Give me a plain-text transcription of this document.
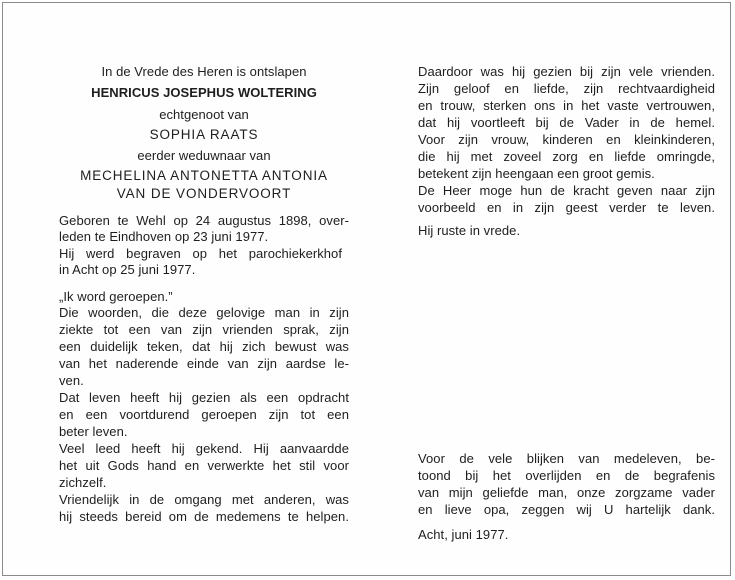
In de Vrede des Heren is ontslapen
HENRICUS JOSEPHUS WOLTERING
echtgenoot van
SOPHIA RAATS
eerder weduwnaar van
MECHELINA ANTONETTA ANTONIA
VAN DE VONDERVOORT
Geboren te Wehl op 24 augustus 1898, over-
leden te Eindhoven op 23 juni 1977.
Hij werd begraven op het parochiekerkhof
in Acht op 25 juni 1977.
„Ik word geroepen.”
Die woorden, die deze gelovige man in zijn
ziekte tot een van zijn vrienden sprak, zijn
een duidelijk teken, dat hij zich bewust was
van het naderende einde van zijn aardse le-
ven.
Dat leven heeft hij gezien als een opdracht
en een voortdurend geroepen zijn tot een
beter leven.
Veel leed heeft hij gekend. Hij aanvaardde
het uit Gods hand en verwerkte het stil voor
zichzelf.
Vriendelijk in de omgang met anderen, was
hij steeds bereid om de medemens te helpen.
Daardoor was hij gezien bij zijn vele vrienden.
Zijn geloof en liefde, zijn rechtvaardigheid
en trouw, sterken ons in het vaste vertrouwen,
dat hij voortleeft bij de Vader in de hemel.
Voor zijn vrouw, kinderen en kleinkinderen,
die hij met zoveel zorg en liefde omringde,
betekent zijn heengaan een groot gemis.
De Heer moge hun de kracht geven naar zijn
voorbeeld en in zijn geest verder te leven.
Hij ruste in vrede.
Voor de vele blijken van medeleven, be-
toond bij het overlijden en de begrafenis
van mijn geliefde man, onze zorgzame vader
en lieve opa, zeggen wij U hartelijk dank.
Acht, juni 1977.
